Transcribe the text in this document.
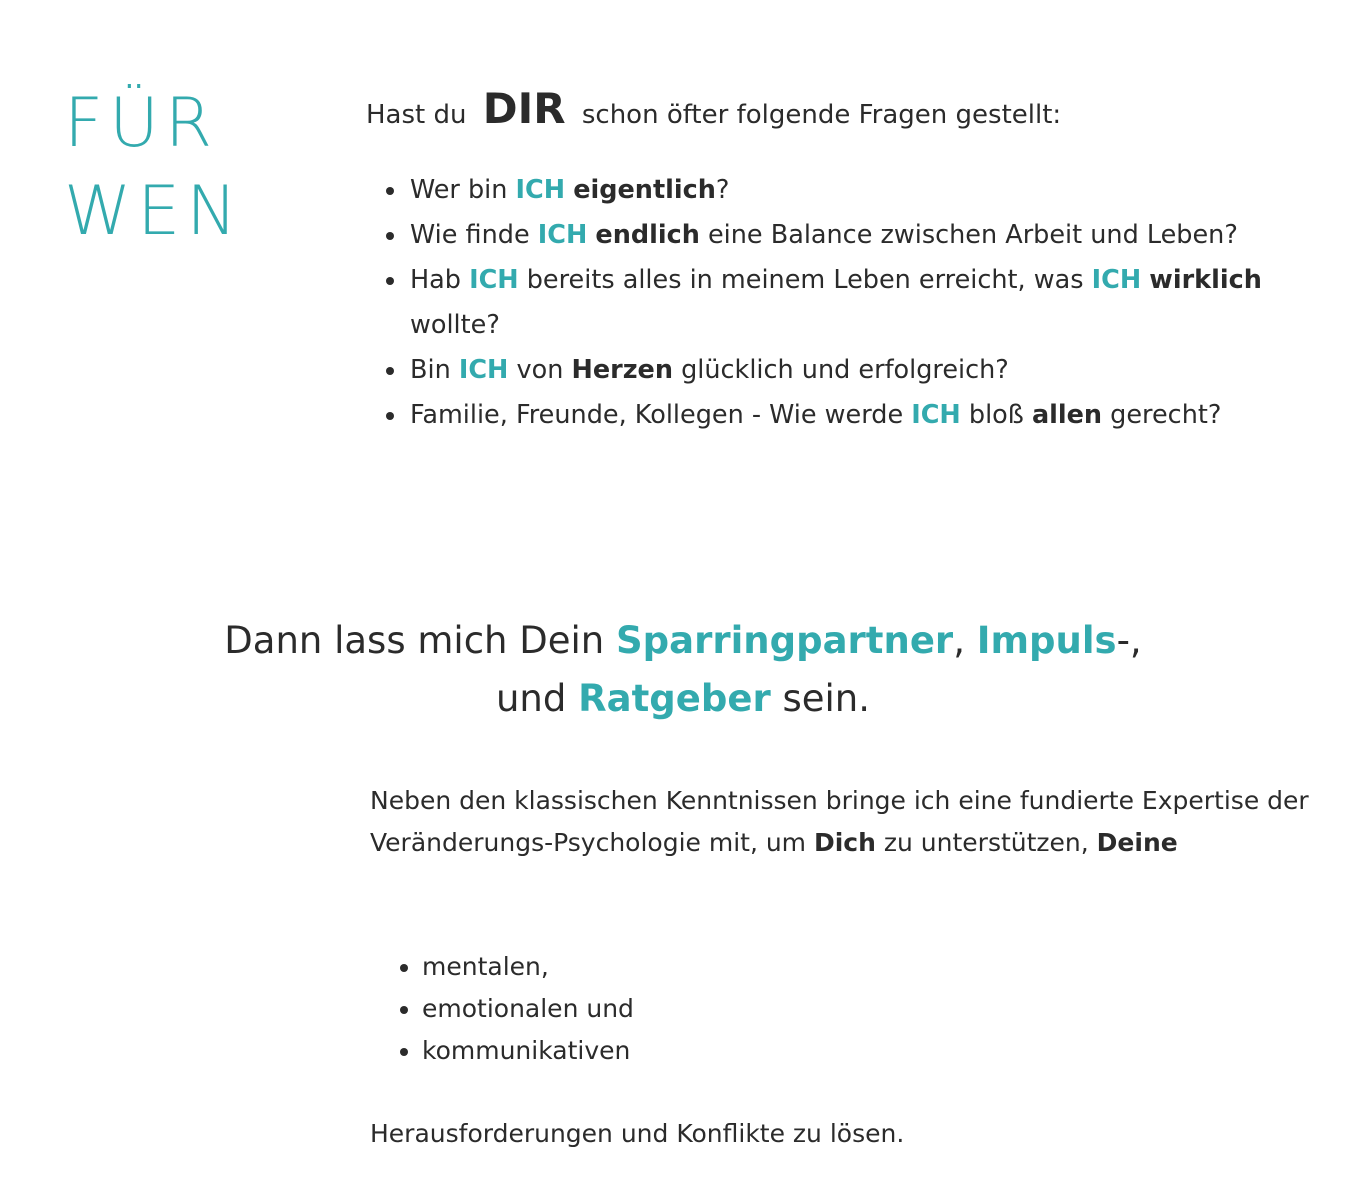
FÜR
WEN
Hast du DIR schon öfter folgende Fragen gestellt:
• Wer bin ICH eigentlich?
• Wie finde ICH endlich eine Balance zwischen Arbeit und Leben?
• Hab ICH bereits alles in meinem Leben erreicht, was ICH wirklich wollte?
• Bin ICH von Herzen glücklich und erfolgreich?
• Familie, Freunde, Kollegen - Wie werde ICH bloß allen gerecht?
Dann lass mich Dein Sparringpartner, Impuls-,
und Ratgeber sein.
Neben den klassischen Kenntnissen bringe ich eine fundierte Expertise der Veränderungs-Psychologie mit, um Dich zu unterstützen, Deine
• mentalen,
• emotionalen und
• kommunikativen
Herausforderungen und Konflikte zu lösen.
